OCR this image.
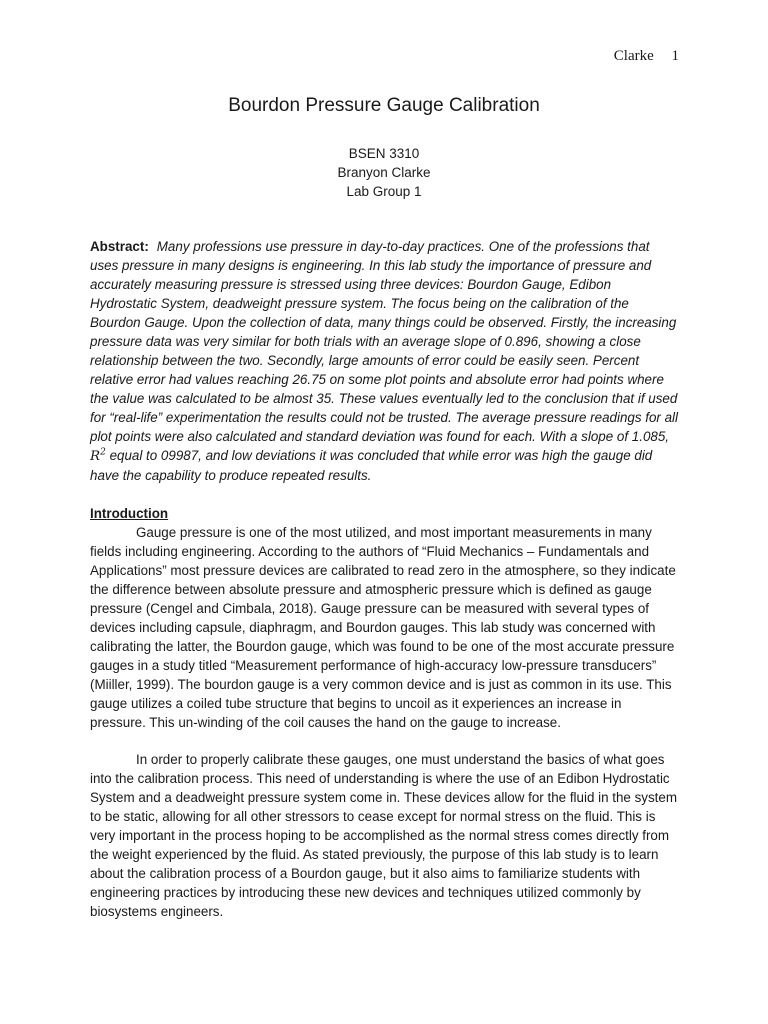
Clarke 1
Bourdon Pressure Gauge Calibration
BSEN 3310
Branyon Clarke
Lab Group 1
Abstract: Many professions use pressure in day-to-day practices. One of the professions that uses pressure in many designs is engineering. In this lab study the importance of pressure and accurately measuring pressure is stressed using three devices: Bourdon Gauge, Edibon Hydrostatic System, deadweight pressure system. The focus being on the calibration of the Bourdon Gauge. Upon the collection of data, many things could be observed. Firstly, the increasing pressure data was very similar for both trials with an average slope of 0.896, showing a close relationship between the two. Secondly, large amounts of error could be easily seen. Percent relative error had values reaching 26.75 on some plot points and absolute error had points where the value was calculated to be almost 35. These values eventually led to the conclusion that if used for “real-life” experimentation the results could not be trusted. The average pressure readings for all plot points were also calculated and standard deviation was found for each. With a slope of 1.085, $R^2$ equal to 09987, and low deviations it was concluded that while error was high the gauge did have the capability to produce repeated results.
Introduction

Gauge pressure is one of the most utilized, and most important measurements in many fields including engineering. According to the authors of “Fluid Mechanics – Fundamentals and Applications” most pressure devices are calibrated to read zero in the atmosphere, so they indicate the difference between absolute pressure and atmospheric pressure which is defined as gauge pressure (Cengel and Cimbala, 2018). Gauge pressure can be measured with several types of devices including capsule, diaphragm, and Bourdon gauges. This lab study was concerned with calibrating the latter, the Bourdon gauge, which was found to be one of the most accurate pressure gauges in a study titled “Measurement performance of high-accuracy low-pressure transducers” (Miiller, 1999). The bourdon gauge is a very common device and is just as common in its use. This gauge utilizes a coiled tube structure that begins to uncoil as it experiences an increase in pressure. This un-winding of the coil causes the hand on the gauge to increase.

In order to properly calibrate these gauges, one must understand the basics of what goes into the calibration process. This need of understanding is where the use of an Edibon Hydrostatic System and a deadweight pressure system come in. These devices allow for the fluid in the system to be static, allowing for all other stressors to cease except for normal stress on the fluid. This is very important in the process hoping to be accomplished as the normal stress comes directly from the weight experienced by the fluid. As stated previously, the purpose of this lab study is to learn about the calibration process of a Bourdon gauge, but it also aims to familiarize students with engineering practices by introducing these new devices and techniques utilized commonly by biosystems engineers.
